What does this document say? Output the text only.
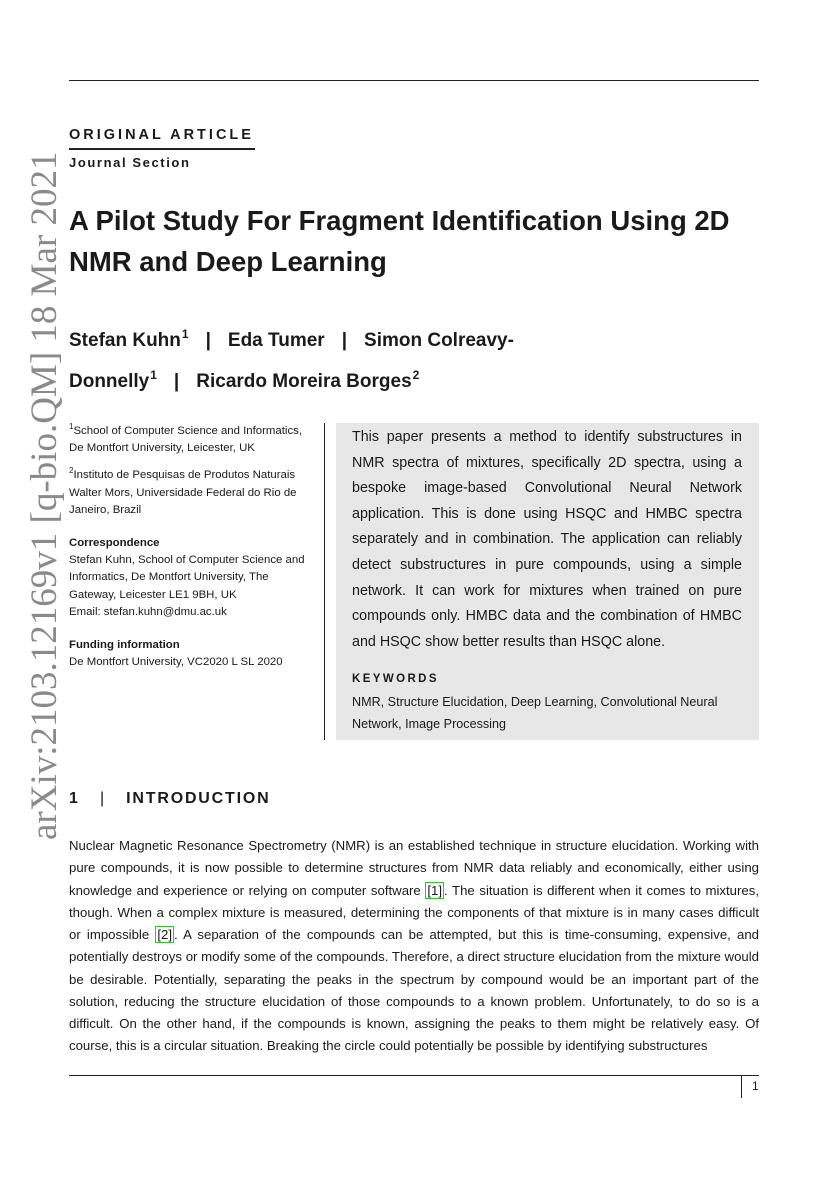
arXiv:2103.12169v1 [q-bio.QM] 18 Mar 2021
ORIGINAL ARTICLE
Journal Section
A Pilot Study For Fragment Identification Using 2D NMR and Deep Learning
Stefan Kuhn$^1$ | Eda Tumer | Simon Colreavy-Donnelly$^1$ | Ricardo Moreira Borges$^2$

$^1$School of Computer Science and Informatics, De Montfort University, Leicester, UK

$^2$Instituto de Pesquisas de Produtos Naturais Walter Mors, Universidade Federal do Rio de Janeiro, Brazil

Correspondence

Stefan Kuhn, School of Computer Science and Informatics, De Montfort University, The Gateway, Leicester LE1 9BH, UK
Email: stefan.kuhn@dmu.ac.uk

Funding information

De Montfort University, VC2020 L SL 2020

This paper presents a method to identify substructures in NMR spectra of mixtures, specifically 2D spectra, using a bespoke image-based Convolutional Neural Network application. This is done using HSQC and HMBC spectra separately and in combination. The application can reliably detect substructures in pure compounds, using a simple network. It can work for mixtures when trained on pure compounds only. HMBC data and the combination of HMBC and HSQC show better results than HSQC alone.
KEYWORDS
NMR, Structure Elucidation, Deep Learning, Convolutional Neural Network, Image Processing
1 | INTRODUCTION
Nuclear Magnetic Resonance Spectrometry (NMR) is an established technique in structure elucidation. Working with pure compounds, it is now possible to determine structures from NMR data reliably and economically, either using knowledge and experience or relying on computer software [1] . The situation is different when it comes to mixtures, though. When a complex mixture is measured, determining the components of that mixture is in many cases difficult or impossible [2] . A separation of the compounds can be attempted, but this is time-consuming, expensive, and potentially destroys or modify some of the compounds. Therefore, a direct structure elucidation from the mixture would be desirable. Potentially, separating the peaks in the spectrum by compound would be an important part of the solution, reducing the structure elucidation of those compounds to a known problem. Unfortunately, to do so is a difficult. On the other hand, if the compounds is known, assigning the peaks to them might be relatively easy. Of course, this is a circular situation. Breaking the circle could potentially be possible by identifying substructures
1
